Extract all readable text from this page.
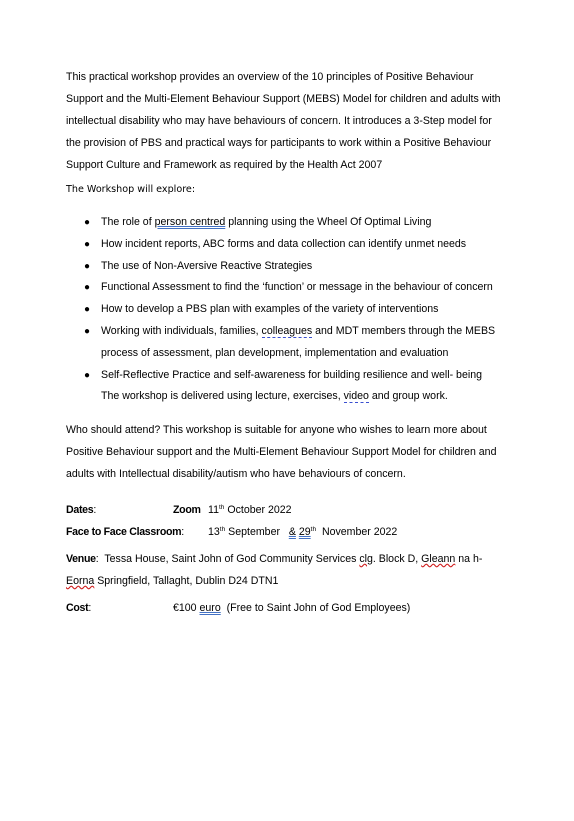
This practical workshop provides an overview of the 10 principles of Positive Behaviour
Support and the Multi-Element Behaviour Support (MEBS) Model for children and adults with
intellectual disability who may have behaviours of concern. It introduces a 3-Step model for
the provision of PBS and practical ways for participants to work within a Positive Behaviour
Support Culture and Framework as required by the Health Act 2007
The Workshop will explore:
● The role of person centred planning using the Wheel Of Optimal Living
● How incident reports, ABC forms and data collection can identify unmet needs
● The use of Non-Aversive Reactive Strategies
● Functional Assessment to find the ‘function’ or message in the behaviour of concern
● How to develop a PBS plan with examples of the variety of interventions
● Working with individuals, families, colleagues and MDT members through the MEBS
process of assessment, plan development, implementation and evaluation
● Self-Reflective Practice and self-awareness for building resilience and well- being
The workshop is delivered using lecture, exercises, video and group work.
Who should attend? This workshop is suitable for anyone who wishes to learn more about
Positive Behaviour support and the Multi-Element Behaviour Support Model for children and
adults with Intellectual disability/autism who have behaviours of concern.
Dates:	Zoom 11th October 2022
Face to Face Classroom: 13th September   & 29th  November 2022
Venue:  Tessa House, Saint John of God Community Services clg. Block D, Gleann na h-
Eorna Springfield, Tallaght, Dublin D24 DTN1
Cost:	€100 euro  (Free to Saint John of God Employees)
